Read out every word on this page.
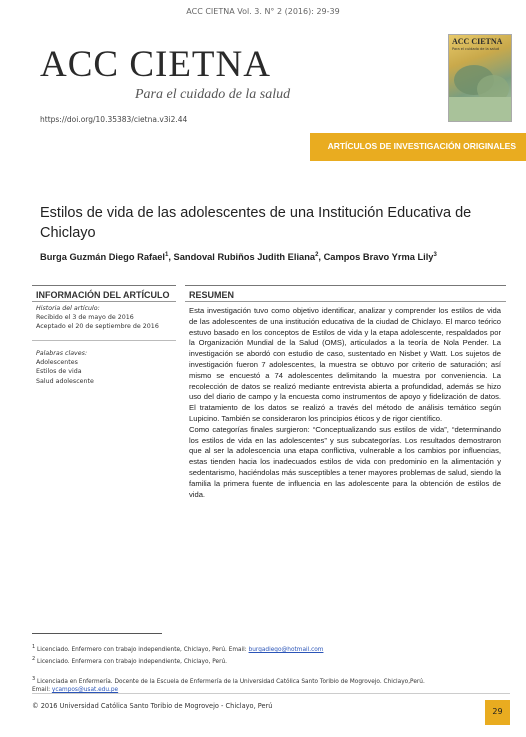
ACC CIETNA Vol. 3. N° 2 (2016): 29-39
ACC CIETNA
Para el cuidado de la salud
https://doi.org/10.35383/cietna.v3i2.44
ACC CIETNA
Para el cuidado de la salud
ARTÍCULOS DE INVESTIGACIÓN ORIGINALES
Estilos de vida de las adolescentes de una Institución Educativa de Chiclayo
Burga Guzmán Diego Rafael$^1$, Sandoval Rubiños Judith Eliana$^2$, Campos Bravo Yrma Lily$^3$
INFORMACIÓN DEL ARTÍCULO RESUMEN
Historia del artículo:
Recibido el 3 de mayo de 2016
Aceptado el 20 de septiembre de 2016
Palabras claves:
Adolescentes
Estilos de vida
Salud adolescente

Esta investigación tuvo como objetivo identificar, analizar y comprender los estilos de vida de las adolescentes de una institución educativa de la ciudad de Chiclayo. El marco teórico estuvo basado en los conceptos de Estilos de vida y la etapa adolescente, respaldados por la Organización Mundial de la Salud (OMS), articulados a la teoría de Nola Pender. La investigación se abordó con estudio de caso, sustentado en Nisbet y Watt. Los sujetos de investigación fueron 7 adolescentes, la muestra se obtuvo por criterio de saturación; así mismo se encuestó a 74 adolescentes delimitando la muestra por conveniencia. La recolección de datos se realizó mediante entrevista abierta a profundidad, además se hizo uso del diario de campo y la encuesta como instrumentos de apoyo y fidelización de datos. El tratamiento de los datos se realizó a través del método de análisis temático según Lupicino. También se consideraron los principios éticos y de rigor científico.

Como categorías finales surgieron: “Conceptualizando sus estilos de vida”, “determinando los estilos de vida en las adolescentes” y sus subcategorías. Los resultados demostraron que al ser la adolescencia una etapa conflictiva, vulnerable a los cambios por influencias, estas tienden hacia los inadecuados estilos de vida con predominio en la alimentación y sedentarismo, haciéndolas más susceptibles a tener mayores problemas de salud, siendo la familia la primera fuente de influencia en las adolescente para la obtención de estilos de vida.

$^1$ Licenciado. Enfermero con trabajo independiente, Chiclayo, Perú. Email: burgadiego@hotmail.com
$^2$ Licenciado. Enfermera con trabajo independiente, Chiclayo, Perú.
$^3$ Licenciada en Enfermería. Docente de la Escuela de Enfermería de la Universidad Católica Santo Toribio de Mogrovejo. Chiclayo,Perú.
Email: ycampos@usat.edu.pe
© 2016 Universidad Católica Santo Toribio de Mogrovejo - Chiclayo, Perú
29
